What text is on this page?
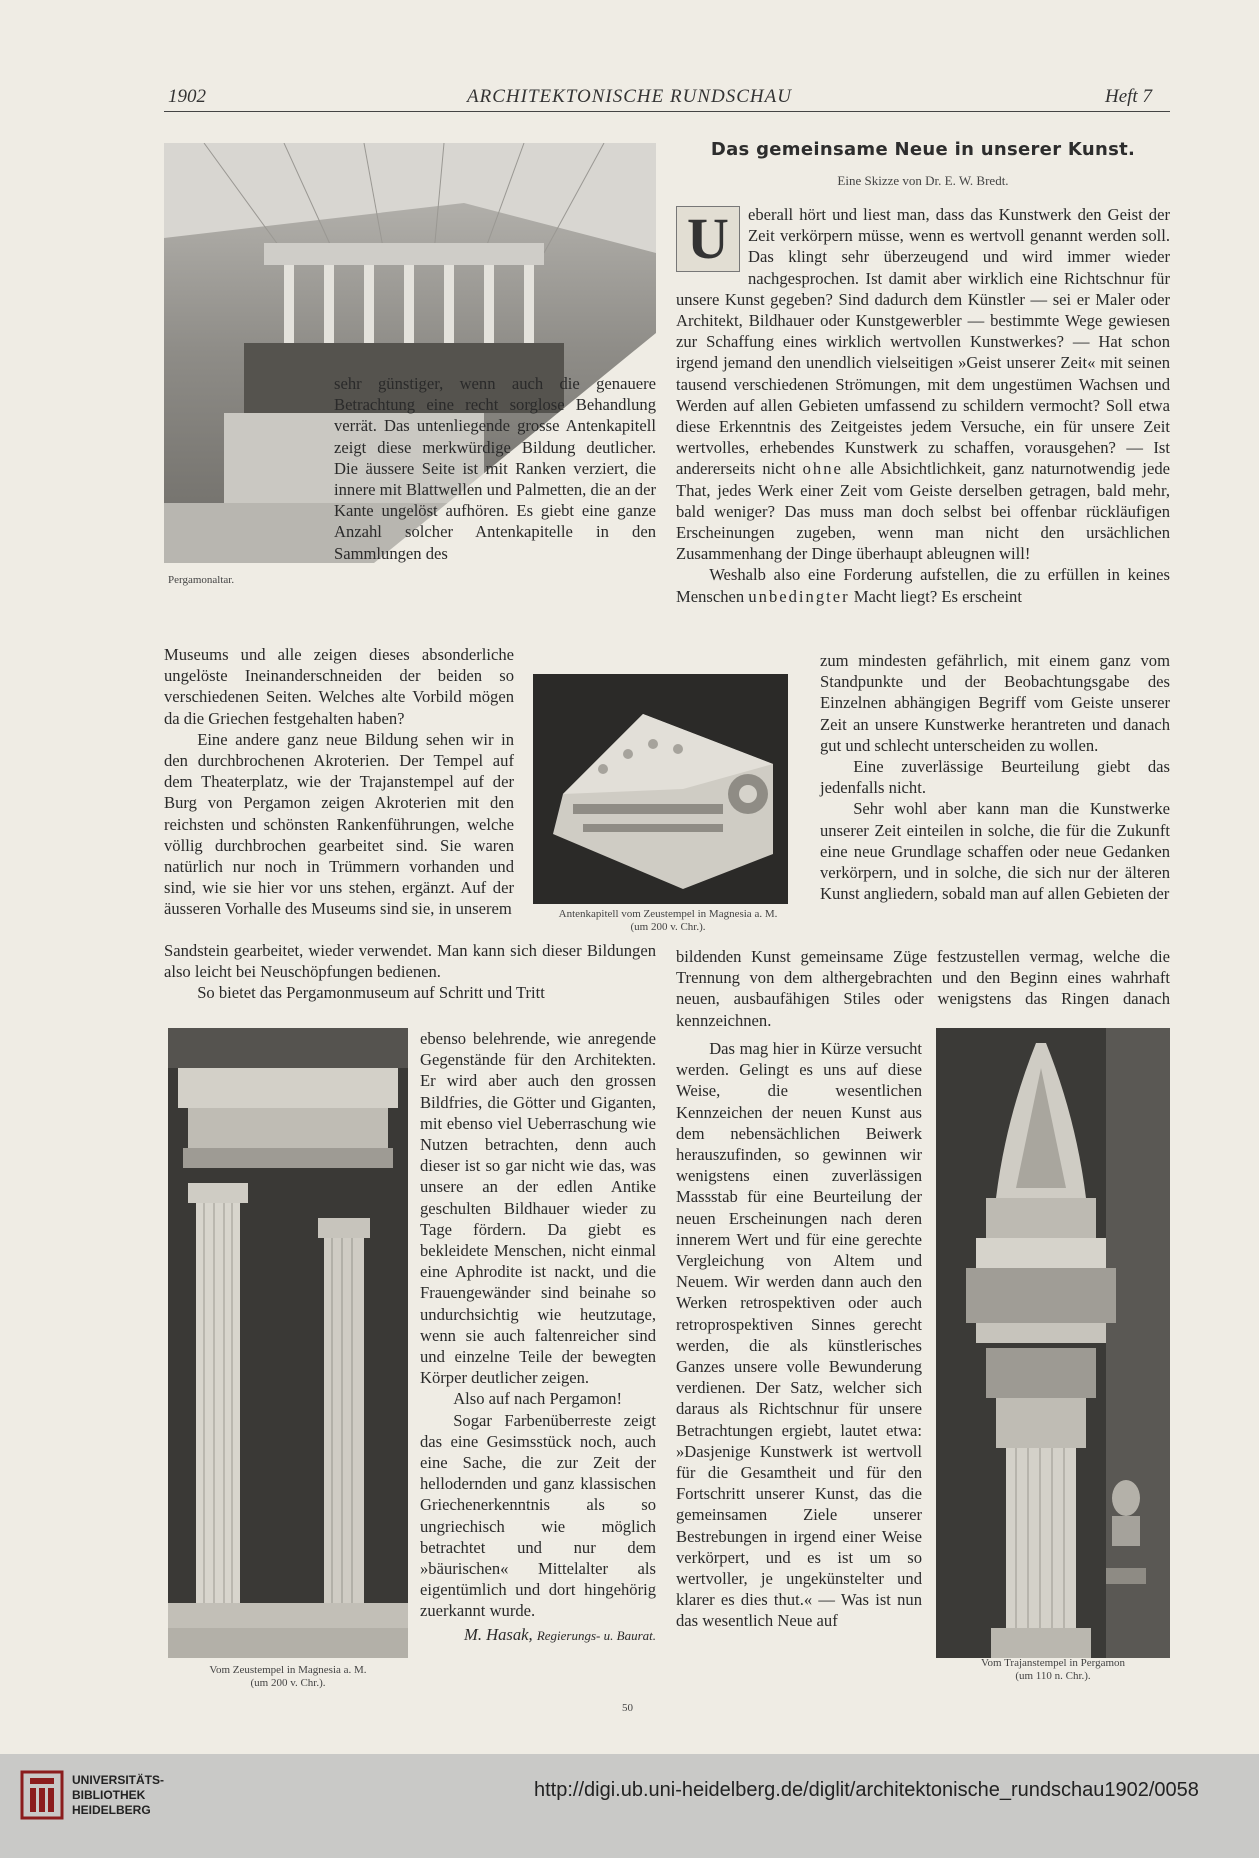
1902	ARCHITEKTONISCHE RUNDSCHAU	Heft 7
Pergamonaltar.

sehr günstiger, wenn auch die genauere Betrachtung eine recht sorglose Behandlung verrät. Das untenliegende grosse Antenkapitell zeigt diese merkwürdige Bildung deutlicher. Die äussere Seite ist mit Ranken verziert, die innere mit Blattwellen und Palmetten, die an der Kante ungelöst aufhören. Es giebt eine ganze Anzahl solcher Antenkapitelle in den Sammlungen des

Antenkapitell vom Zeustempel in Magnesia a. M.
(um 200 v. Chr.).

Museums und alle zeigen dieses absonderliche ungelöste Ineinanderschneiden der beiden so verschiedenen Seiten. Welches alte Vorbild mögen da die Griechen festgehalten haben?

Eine andere ganz neue Bildung sehen wir in den durchbrochenen Akroterien. Der Tempel auf dem Theaterplatz, wie der Trajanstempel auf der Burg von Pergamon zeigen Akroterien mit den reichsten und schönsten Rankenführungen, welche völlig durchbrochen gearbeitet sind. Sie waren natürlich nur noch in Trümmern vorhanden und sind, wie sie hier vor uns stehen, ergänzt. Auf der äusseren Vorhalle des Museums sind sie, in unserem

Sandstein gearbeitet, wieder verwendet. Man kann sich dieser Bildungen also leicht bei Neuschöpfungen bedienen.

So bietet das Pergamonmuseum auf Schritt und Tritt

Vom Zeustempel in Magnesia a. M.
(um 200 v. Chr.).

ebenso belehrende, wie anregende Gegenstände für den Architekten. Er wird aber auch den grossen Bildfries, die Götter und Giganten, mit ebenso viel Ueberraschung wie Nutzen betrachten, denn auch dieser ist so gar nicht wie das, was unsere an der edlen Antike geschulten Bildhauer wieder zu Tage fördern. Da giebt es bekleidete Menschen, nicht einmal eine Aphrodite ist nackt, und die Frauengewänder sind beinahe so undurchsichtig wie heutzutage, wenn sie auch faltenreicher sind und einzelne Teile der bewegten Körper deutlicher zeigen.

Also auf nach Pergamon!

Sogar Farbenüberreste zeigt das eine Gesimsstück noch, auch eine Sache, die zur Zeit der hellodernden und ganz klassischen Griechenerkenntnis als so ungriechisch wie möglich betrachtet und nur dem »bäurischen« Mittelalter als eigentümlich und dort hingehörig zuerkannt wurde.

M. Hasak, Regierungs- u. Baurat.

Das gemeinsame Neue in unserer Kunst.
Eine Skizze von Dr. E. W. Bredt.

U	eberall hört und liest man, dass das Kunstwerk den Geist der Zeit verkörpern müsse, wenn es wertvoll genannt werden soll. Das klingt sehr überzeugend und wird immer wieder nachgesprochen. Ist damit aber wirklich eine Richtschnur für unsere Kunst gegeben? Sind dadurch dem Künstler — sei er Maler oder Architekt, Bildhauer oder Kunstgewerbler — bestimmte Wege gewiesen zur Schaffung eines wirklich wertvollen Kunstwerkes? — Hat schon irgend jemand den unendlich vielseitigen »Geist unserer Zeit« mit seinen tausend verschiedenen Strömungen, mit dem ungestümen Wachsen und Werden auf allen Gebieten umfassend zu schildern vermocht? Soll etwa diese Erkenntnis des Zeitgeistes jedem Versuche, ein für unsere Zeit wertvolles, erhebendes Kunstwerk zu schaffen, vorausgehen? — Ist andererseits nicht ohne alle Absichtlichkeit, ganz naturnotwendig jede That, jedes Werk einer Zeit vom Geiste derselben getragen, bald mehr, bald weniger? Das muss man doch selbst bei offenbar rückläufigen Erscheinungen zugeben, wenn man nicht den ursächlichen Zusammenhang der Dinge überhaupt ableugnen will!

Weshalb also eine Forderung aufstellen, die zu erfüllen in keines Menschen unbedingter Macht liegt? Es erscheint

zum mindesten gefährlich, mit einem ganz vom Standpunkte und der Beobachtungsgabe des Einzelnen abhängigen Begriff vom Geiste unserer Zeit an unsere Kunstwerke herantreten und danach gut und schlecht unterscheiden zu wollen.

Eine zuverlässige Beurteilung giebt das jedenfalls nicht.

Sehr wohl aber kann man die Kunstwerke unserer Zeit einteilen in solche, die für die Zukunft eine neue Grundlage schaffen oder neue Gedanken verkörpern, und in solche, die sich nur der älteren Kunst angliedern, sobald man auf allen Gebieten der

bildenden Kunst gemeinsame Züge festzustellen vermag, welche die Trennung von dem althergebrachten und den Beginn eines wahrhaft neuen, ausbaufähigen Stiles oder wenigstens das Ringen danach kennzeichnen.

Das mag hier in Kürze versucht werden. Gelingt es uns auf diese Weise, die wesentlichen Kennzeichen der neuen Kunst aus dem nebensächlichen Beiwerk herauszufinden, so gewinnen wir wenigstens einen zuverlässigen Massstab für eine Beurteilung der neuen Erscheinungen nach deren innerem Wert und für eine gerechte Vergleichung von Altem und Neuem. Wir werden dann auch den Werken retrospektiven oder auch retroprospektiven Sinnes gerecht werden, die als künstlerisches Ganzes unsere volle Bewunderung verdienen. Der Satz, welcher sich daraus als Richtschnur für unsere Betrachtungen ergiebt, lautet etwa: »Dasjenige Kunstwerk ist wertvoll für die Gesamtheit und für den Fortschritt unserer Kunst, das die gemeinsamen Ziele unserer Bestrebungen in irgend einer Weise verkörpert, und es ist um so wertvoller, je ungekünstelter und klarer es dies thut.« — Was ist nun das wesentlich Neue auf

Vom Trajanstempel in Pergamon
(um 110 n. Chr.).
50
UNIVERSITÄTS-
BIBLIOTHEK
HEIDELBERG
http://digi.ub.uni-heidelberg.de/diglit/architektonische_rundschau1902/0058
